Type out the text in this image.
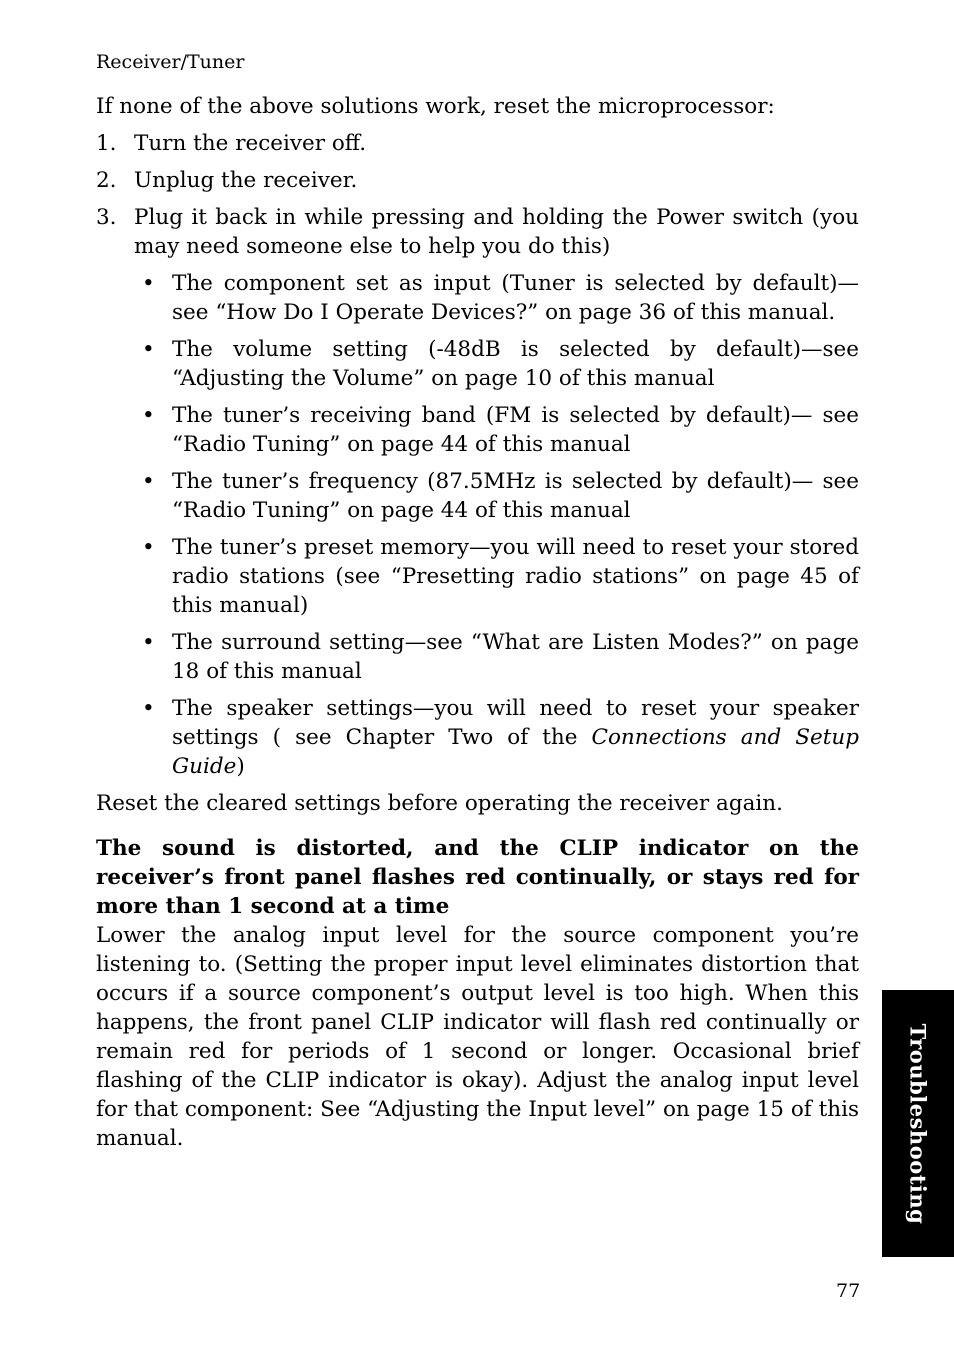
Receiver/Tuner

If none of the above solutions work, reset the microprocessor:

1. Turn the receiver off.
2. Unplug the receiver.
3. Plug it back in while pressing and holding the Power switch (you may need someone else to help you do this)
• The component set as input (Tuner is selected by default)—see “How Do I Operate Devices?” on page 36 of this manual.
• The volume setting (-48dB is selected by default)—see “Adjusting the Volume” on page 10 of this manual
• The tuner’s receiving band (FM is selected by default)— see “Radio Tuning” on page 44 of this manual
• The tuner’s frequency (87.5MHz is selected by default)— see “Radio Tuning” on page 44 of this manual
• The tuner’s preset memory—you will need to reset your stored radio stations (see “Presetting radio stations” on page 45 of this manual)
• The surround setting—see “What are Listen Modes?” on page 18 of this manual
• The speaker settings—you will need to reset your speaker settings ( see Chapter Two of the Connections and Setup Guide)

Reset the cleared settings before operating the receiver again.

The sound is distorted, and the CLIP indicator on the receiver’s front panel flashes red continually, or stays red for more than 1 second at a time

Lower the analog input level for the source component you’re listening to. (Setting the proper input level eliminates distortion that occurs if a source component’s output level is too high. When this happens, the front panel CLIP indicator will flash red continually or remain red for periods of 1 second or longer. Occasional brief flashing of the CLIP indicator is okay). Adjust the analog input level for that component: See “Adjusting the Input level” on page 15 of this manual.	Troubleshooting
77
